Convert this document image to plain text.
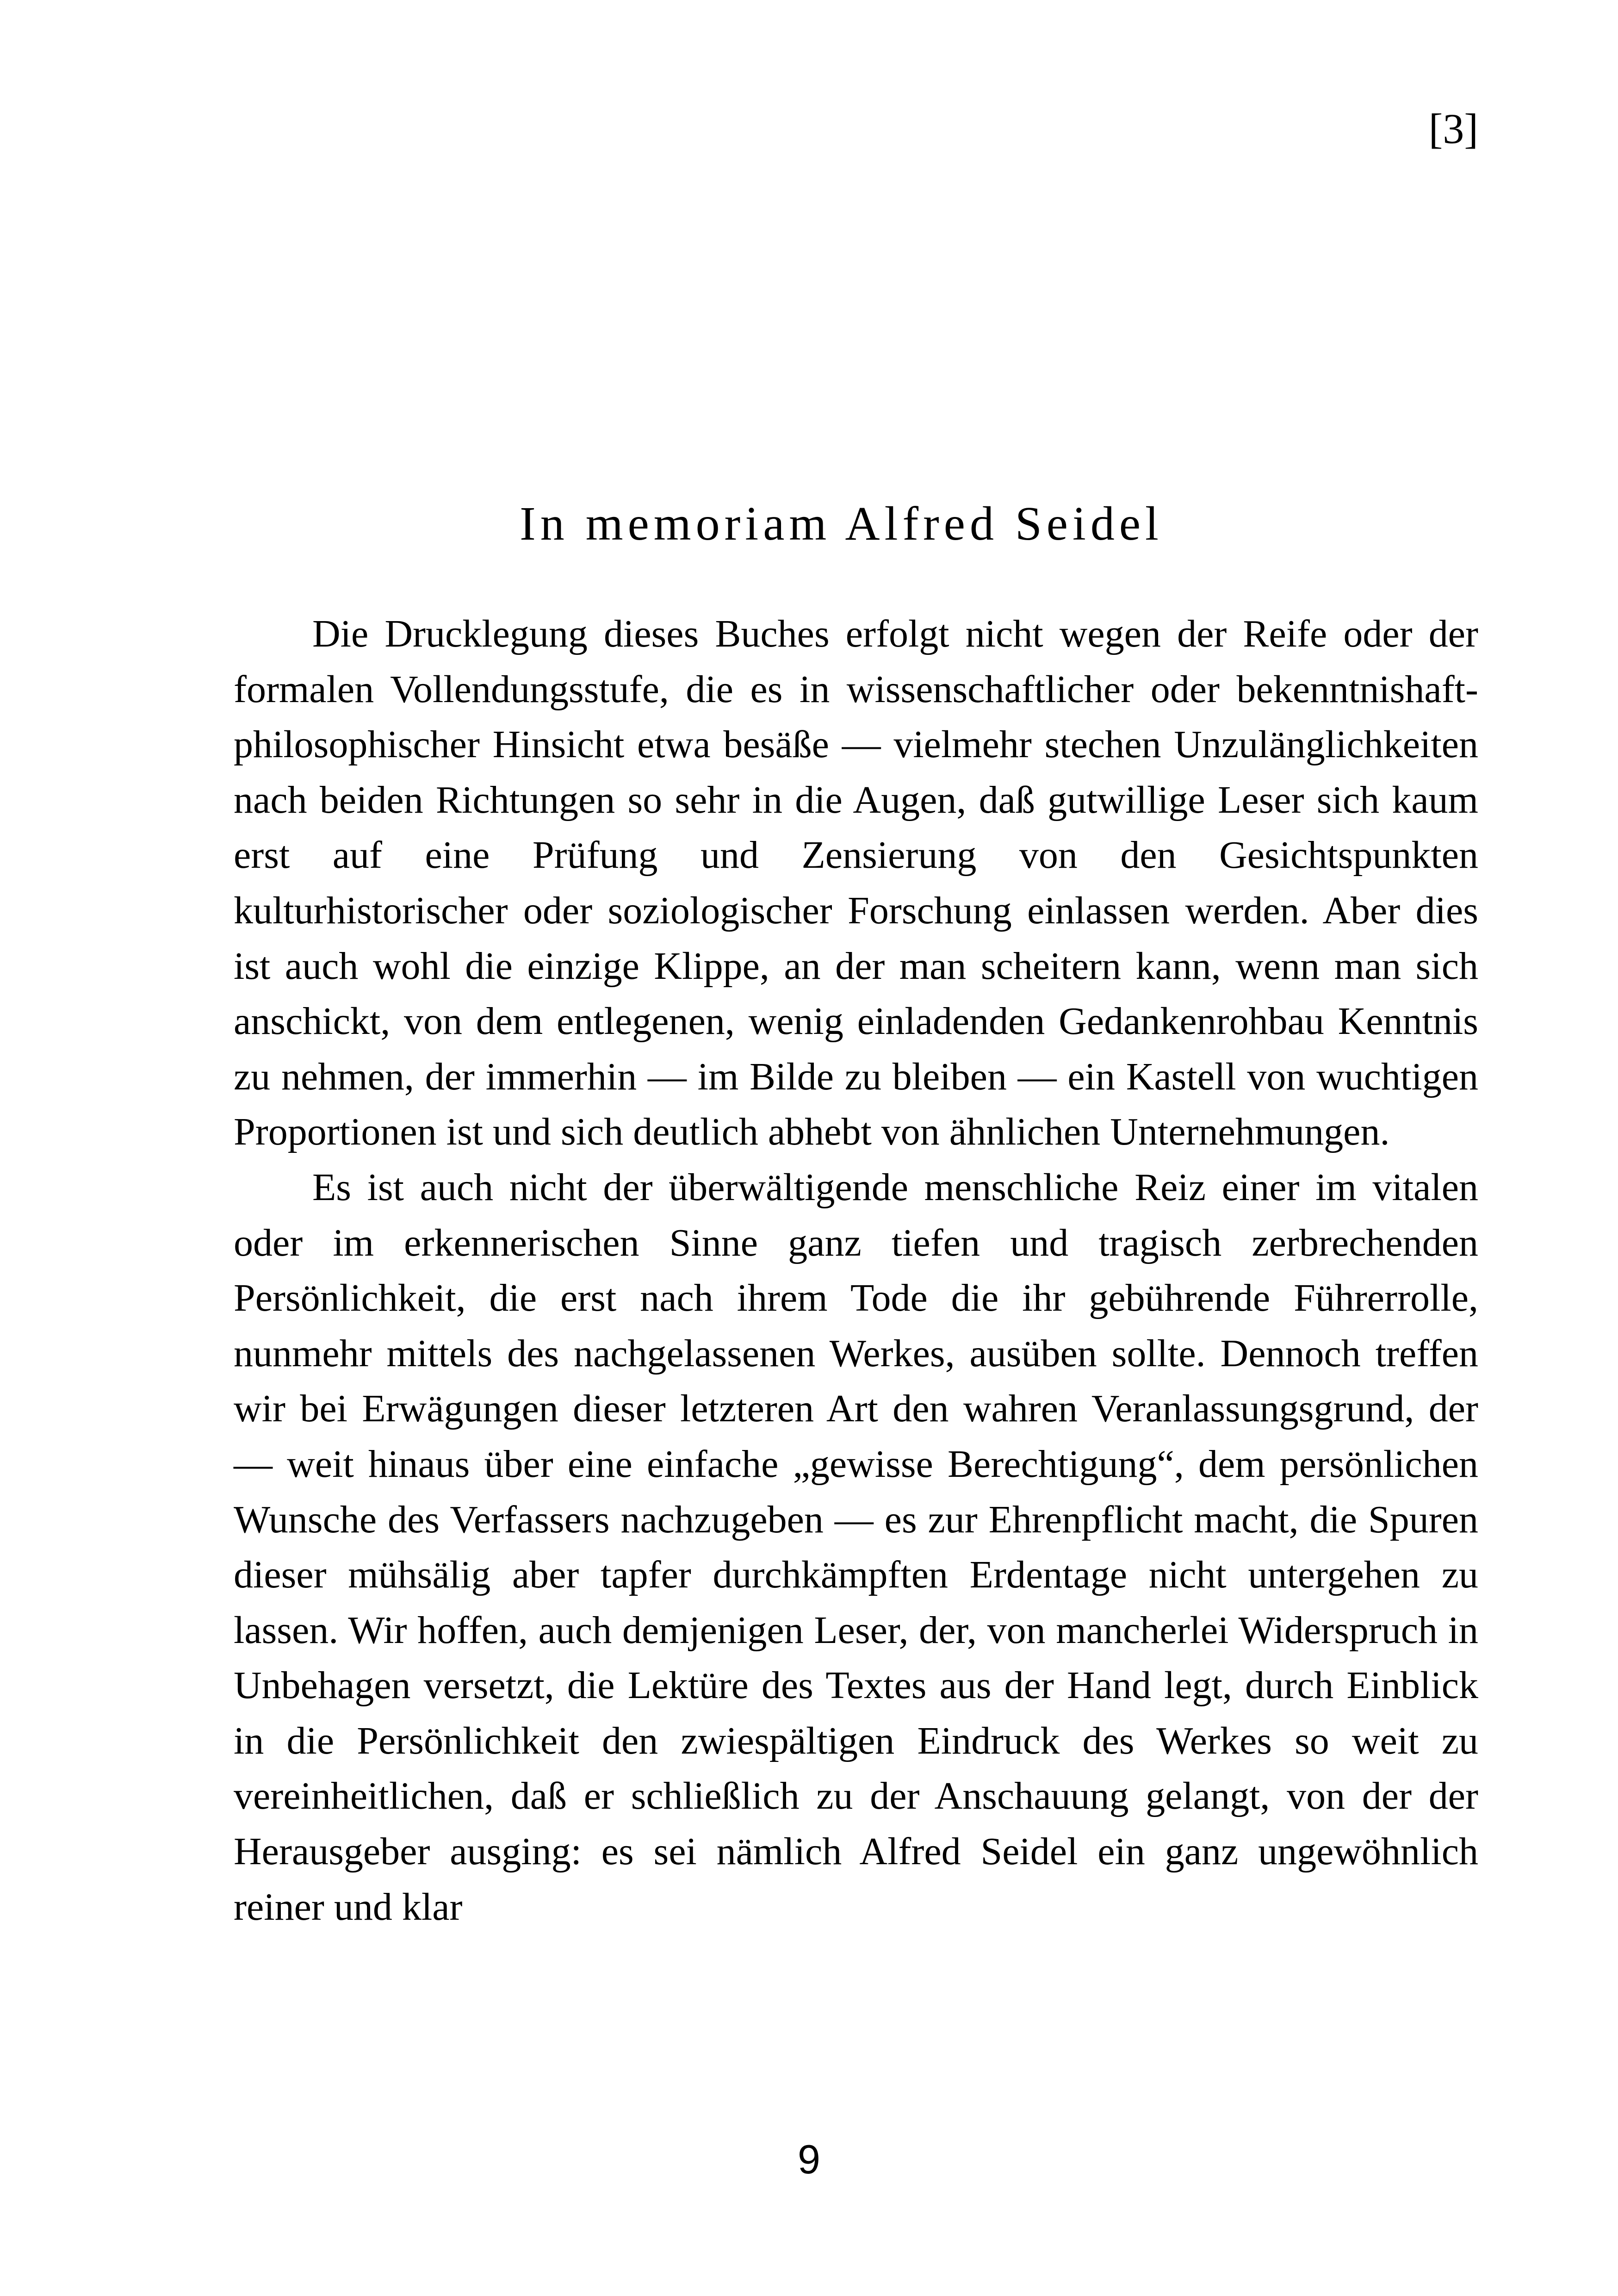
[3]
In memoriam Alfred Seidel

Die Drucklegung dieses Buches erfolgt nicht wegen der Reife oder der formalen Vollendungsstufe, die es in wissenschaftlicher oder bekenntnishaft-philosophischer Hinsicht etwa besäße — vielmehr stechen Unzulänglichkeiten nach beiden Richtungen so sehr in die Augen, daß gutwillige Leser sich kaum erst auf eine Prüfung und Zensierung von den Gesichtspunkten kulturhistorischer oder soziologischer Forschung einlassen werden. Aber dies ist auch wohl die einzige Klippe, an der man scheitern kann, wenn man sich anschickt, von dem entlegenen, wenig einladenden Gedankenrohbau Kenntnis zu nehmen, der immerhin — im Bilde zu bleiben — ein Kastell von wuchtigen Proportionen ist und sich deutlich abhebt von ähnlichen Unternehmungen.

Es ist auch nicht der überwältigende menschliche Reiz einer im vitalen oder im erkennerischen Sinne ganz tiefen und tragisch zerbrechenden Persönlichkeit, die erst nach ihrem Tode die ihr gebührende Führerrolle, nunmehr mittels des nachgelassenen Werkes, ausüben sollte. Dennoch treffen wir bei Erwägungen dieser letzteren Art den wahren Veranlassungsgrund, der — weit hinaus über eine einfache „gewisse Berechtigung“, dem persönlichen Wunsche des Verfassers nachzugeben — es zur Ehrenpflicht macht, die Spuren dieser mühsälig aber tapfer durchkämpften Erdentage nicht untergehen zu lassen. Wir hoffen, auch demjenigen Leser, der, von mancherlei Widerspruch in Unbehagen versetzt, die Lektüre des Textes aus der Hand legt, durch Einblick in die Persönlichkeit den zwiespältigen Eindruck des Werkes so weit zu vereinheitlichen, daß er schließlich zu der Anschauung gelangt, von der der Herausgeber ausging: es sei nämlich Alfred Seidel ein ganz ungewöhnlich reiner und klar

9
